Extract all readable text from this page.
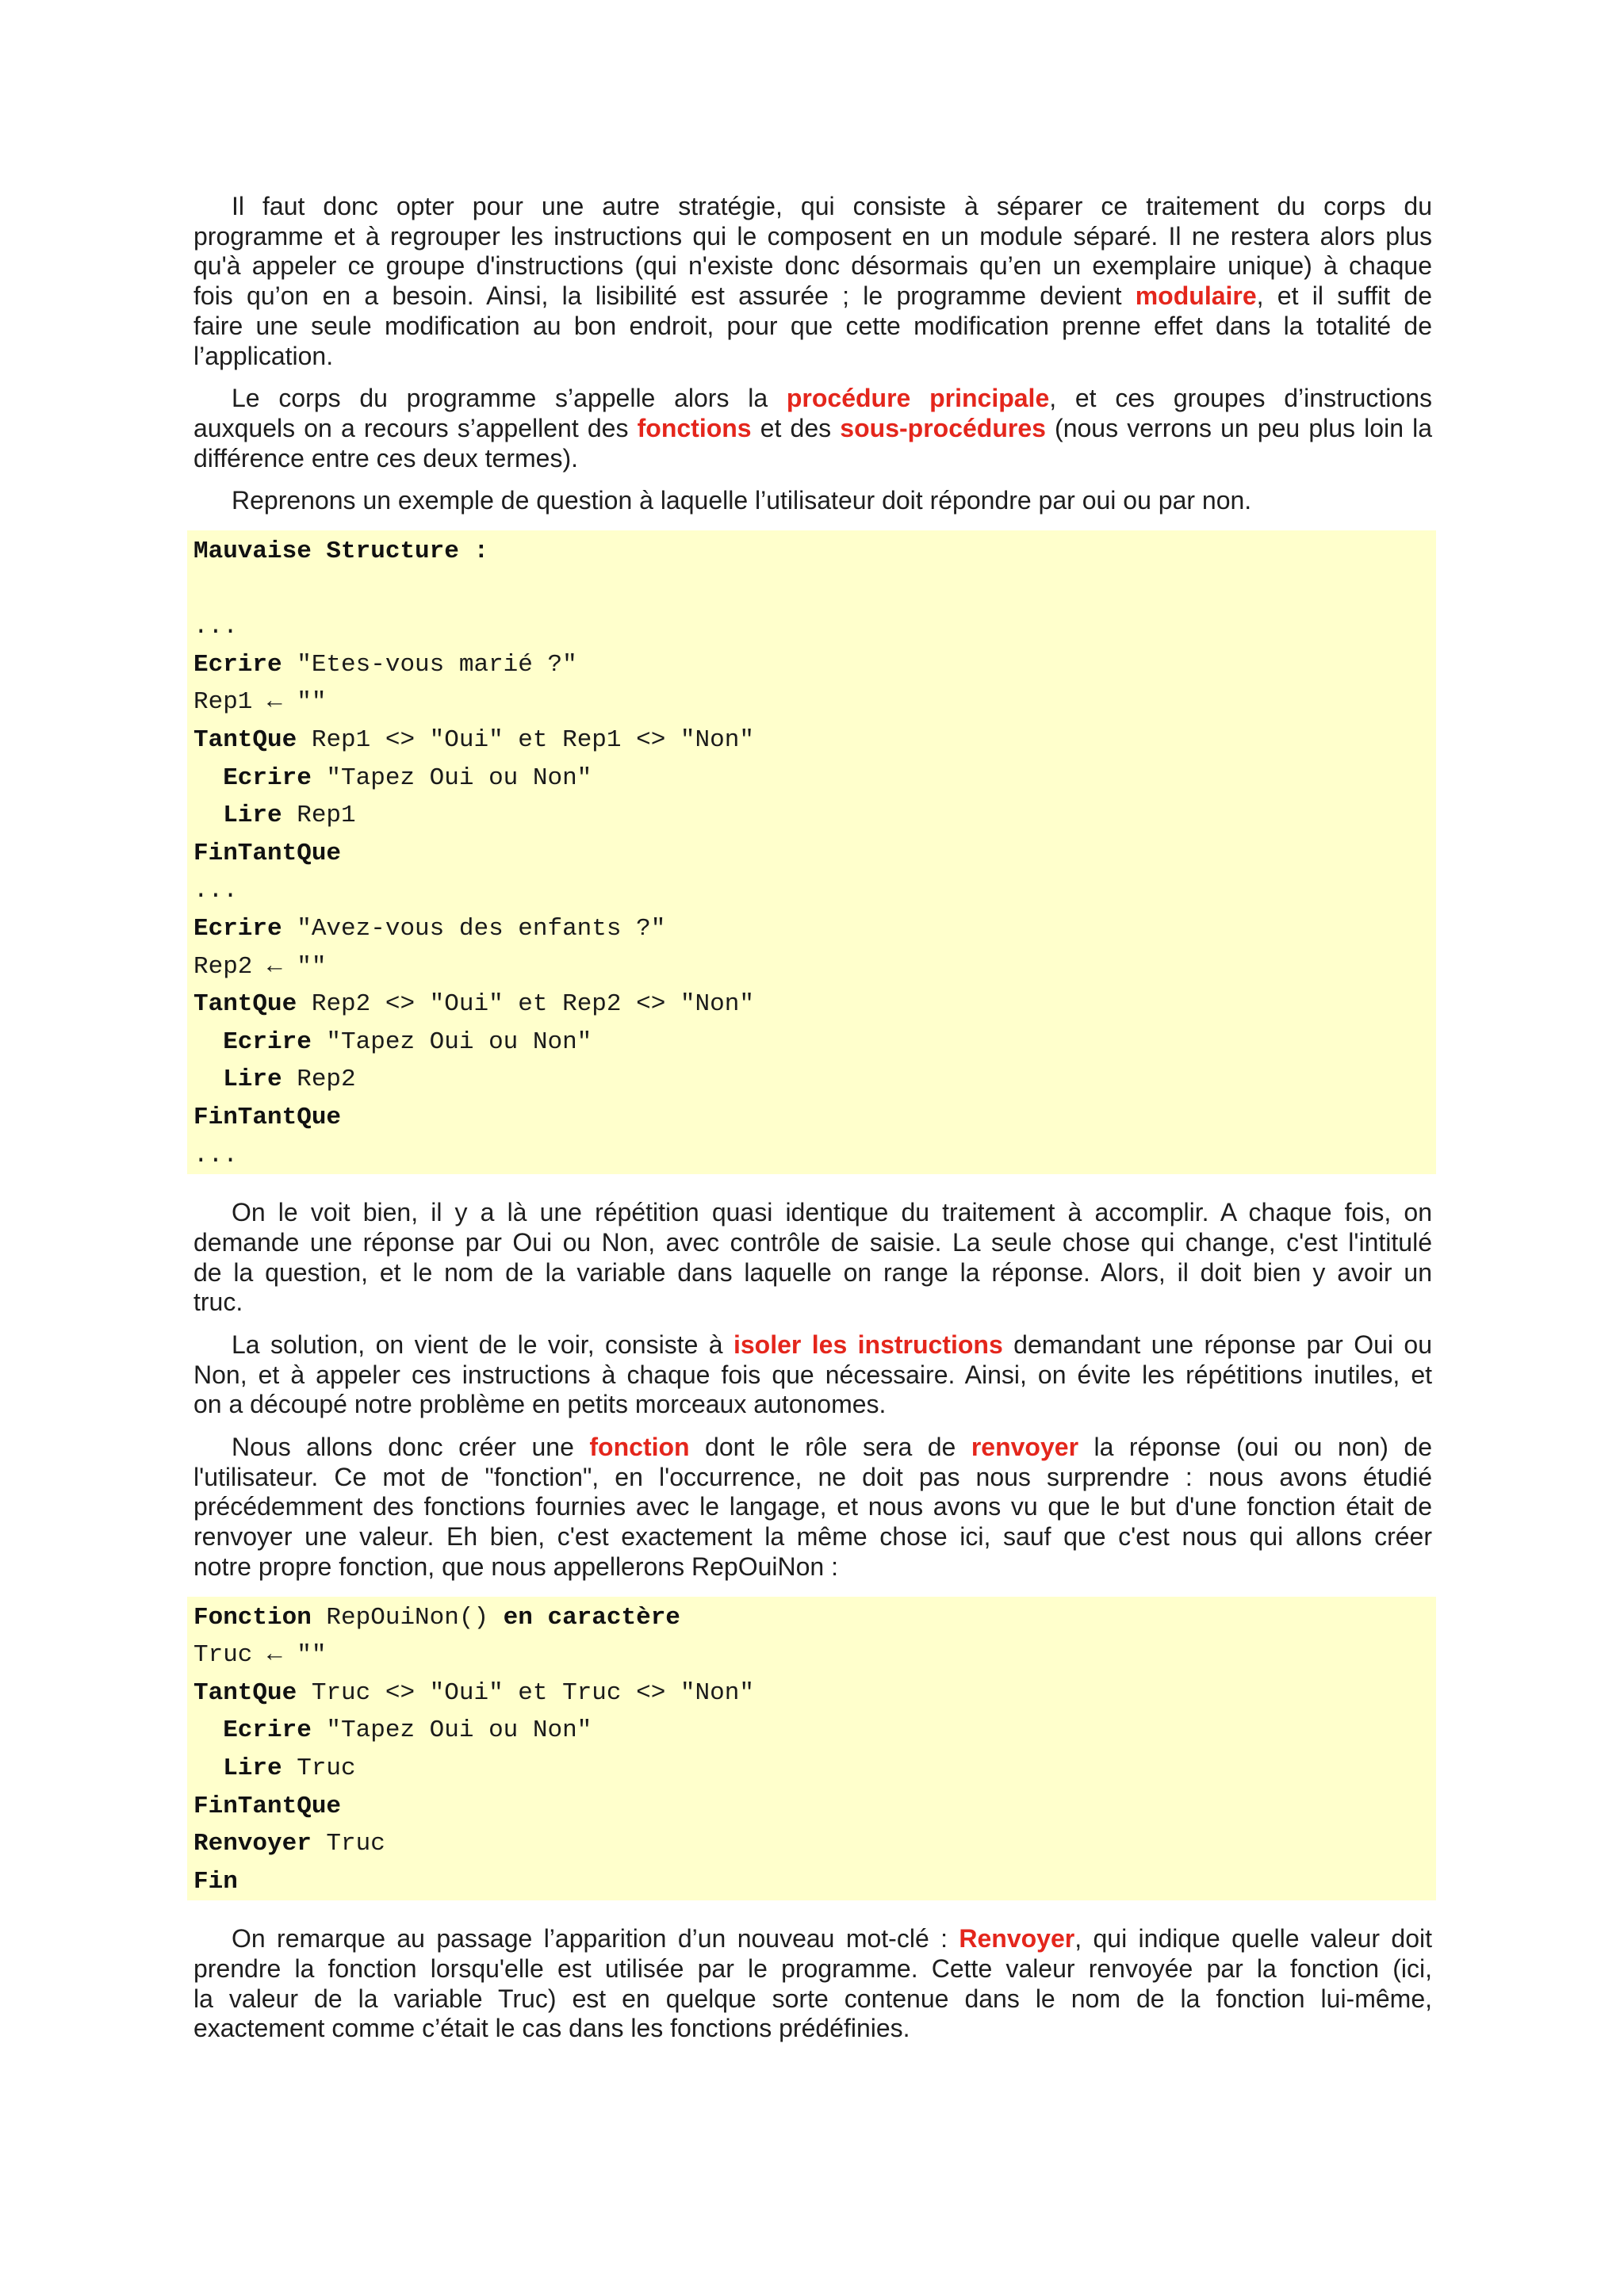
Il faut donc opter pour une autre stratégie, qui consiste à séparer ce traitement du corps du
programme et à regrouper les instructions qui le composent en un module séparé. Il ne restera alors plus
qu'à appeler ce groupe d'instructions (qui n'existe donc désormais qu’en un exemplaire unique) à chaque
fois qu’on en a besoin. Ainsi, la lisibilité est assurée ; le programme devient modulaire, et il suffit de
faire une seule modification au bon endroit, pour que cette modification prenne effet dans la totalité de
l’application.
Le corps du programme s’appelle alors la procédure principale, et ces groupes d’instructions
auxquels on a recours s’appellent des fonctions et des sous-procédures (nous verrons un peu plus loin la
différence entre ces deux termes).
Reprenons un exemple de question à laquelle l’utilisateur doit répondre par oui ou par non.
Mauvaise Structure :
...
Ecrire "Etes-vous marié ?"
Rep1 ← ""
TantQue Rep1 <> "Oui" et Rep1 <> "Non"
Ecrire "Tapez Oui ou Non"
Lire Rep1
FinTantQue
...
Ecrire "Avez-vous des enfants ?"
Rep2 ← ""
TantQue Rep2 <> "Oui" et Rep2 <> "Non"
Ecrire "Tapez Oui ou Non"
Lire Rep2
FinTantQue
...
On le voit bien, il y a là une répétition quasi identique du traitement à accomplir. A chaque fois, on
demande une réponse par Oui ou Non, avec contrôle de saisie. La seule chose qui change, c'est l'intitulé
de la question, et le nom de la variable dans laquelle on range la réponse. Alors, il doit bien y avoir un
truc.
La solution, on vient de le voir, consiste à isoler les instructions demandant une réponse par Oui ou
Non, et à appeler ces instructions à chaque fois que nécessaire. Ainsi, on évite les répétitions inutiles, et
on a découpé notre problème en petits morceaux autonomes.
Nous allons donc créer une fonction dont le rôle sera de renvoyer la réponse (oui ou non) de
l'utilisateur. Ce mot de "fonction", en l'occurrence, ne doit pas nous surprendre : nous avons étudié
précédemment des fonctions fournies avec le langage, et nous avons vu que le but d'une fonction était de
renvoyer une valeur. Eh bien, c'est exactement la même chose ici, sauf que c'est nous qui allons créer
notre propre fonction, que nous appellerons RepOuiNon :
Fonction RepOuiNon() en caractère
Truc ← ""
TantQue Truc <> "Oui" et Truc <> "Non"
Ecrire "Tapez Oui ou Non"
Lire Truc
FinTantQue
Renvoyer Truc
Fin
On remarque au passage l’apparition d’un nouveau mot-clé : Renvoyer, qui indique quelle valeur doit
prendre la fonction lorsqu'elle est utilisée par le programme. Cette valeur renvoyée par la fonction (ici,
la valeur de la variable Truc) est en quelque sorte contenue dans le nom de la fonction lui-même,
exactement comme c’était le cas dans les fonctions prédéfinies.
